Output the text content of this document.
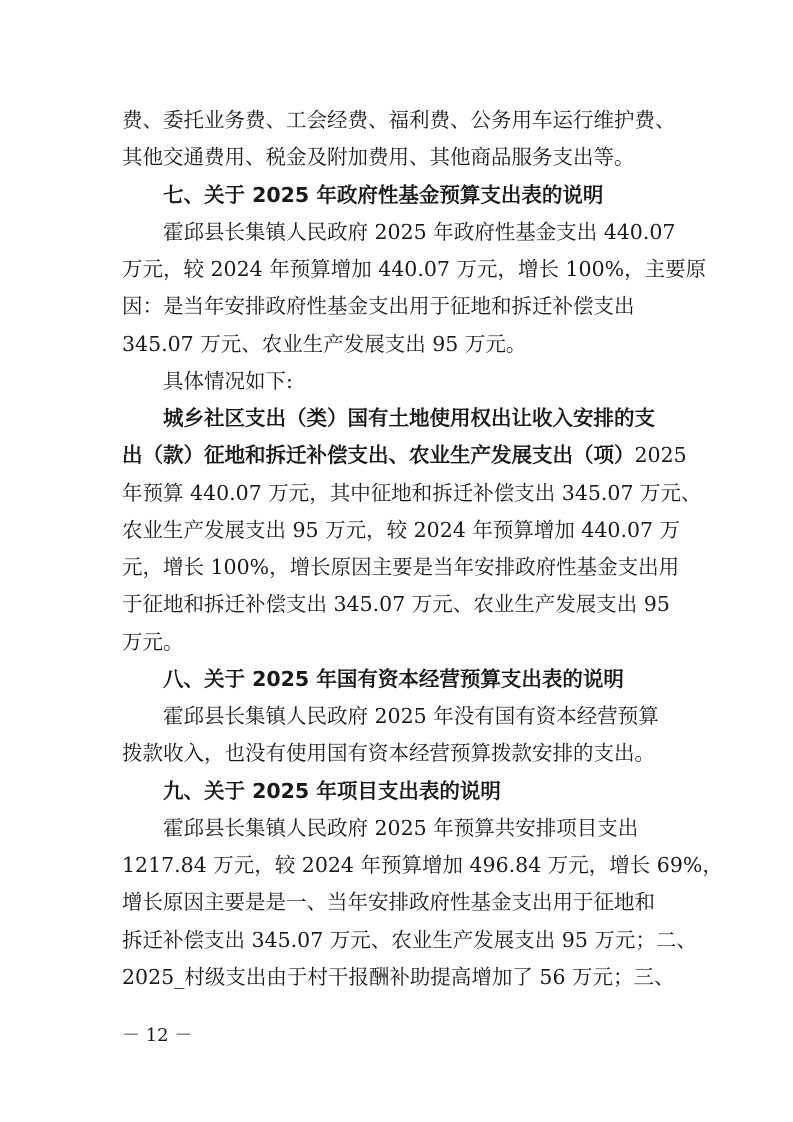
费、委托业务费、工会经费、福利费、公务用车运行维护费、
其他交通费用、税金及附加费用、其他商品服务支出等。
七、关于 2025 年政府性基金预算支出表的说明
霍邱县长集镇人民政府 2025 年政府性基金支出 440.07
万元，较 2024 年预算增加 440.07 万元，增长 100%，主要原
因：是当年安排政府性基金支出用于征地和拆迁补偿支出
345.07 万元、农业生产发展支出 95 万元。
具体情况如下:
城乡社区支出（类）国有土地使用权出让收入安排的支
出（款）征地和拆迁补偿支出、农业生产发展支出（项）2025
年预算 440.07 万元，其中征地和拆迁补偿支出 345.07 万元、
农业生产发展支出 95 万元，较 2024 年预算增加 440.07 万
元，增长 100%，增长原因主要是当年安排政府性基金支出用
于征地和拆迁补偿支出 345.07 万元、农业生产发展支出 95
万元。
八、关于 2025 年国有资本经营预算支出表的说明
霍邱县长集镇人民政府 2025 年没有国有资本经营预算
拨款收入，也没有使用国有资本经营预算拨款安排的支出。
九、关于 2025 年项目支出表的说明
霍邱县长集镇人民政府 2025 年预算共安排项目支出
1217.84 万元，较 2024 年预算增加 496.84 万元，增长 69%，
增长原因主要是是一、当年安排政府性基金支出用于征地和
拆迁补偿支出 345.07 万元、农业生产发展支出 95 万元；二、
2025_村级支出由于村干报酬补助提高增加了 56 万元；三、
－ 12 －
